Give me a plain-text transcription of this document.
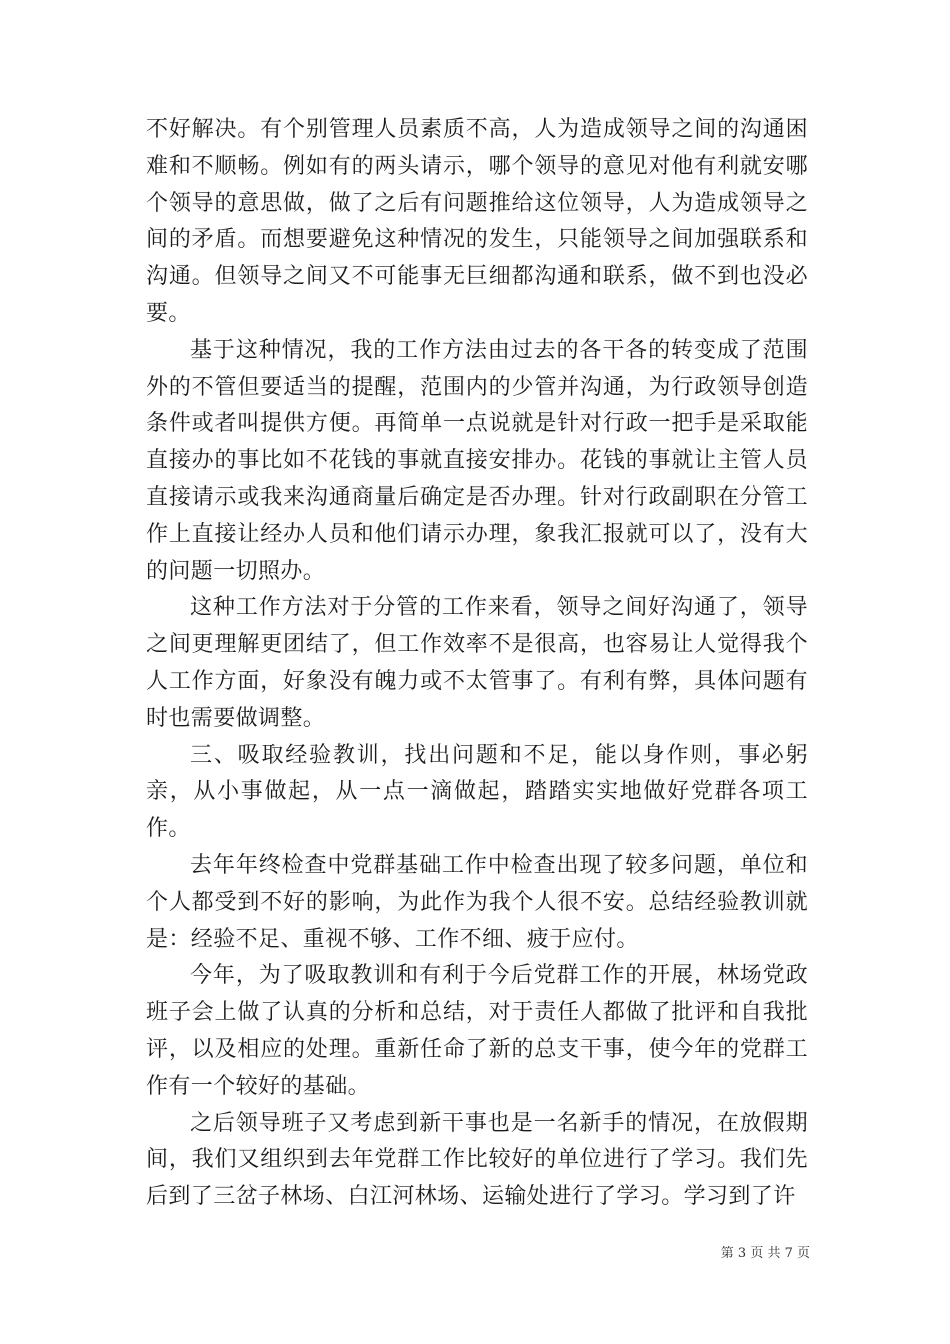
不好解决。有个别管理人员素质不高，人为造成领导之间的沟通困难和不顺畅。例如有的两头请示，哪个领导的意见对他有利就安哪个领导的意思做，做了之后有问题推给这位领导，人为造成领导之间的矛盾。而想要避免这种情况的发生，只能领导之间加强联系和沟通。但领导之间又不可能事无巨细都沟通和联系，做不到也没必要。

基于这种情况，我的工作方法由过去的各干各的转变成了范围外的不管但要适当的提醒，范围内的少管并沟通，为行政领导创造条件或者叫提供方便。再简单一点说就是针对行政一把手是采取能直接办的事比如不花钱的事就直接安排办。花钱的事就让主管人员直接请示或我来沟通商量后确定是否办理。针对行政副职在分管工作上直接让经办人员和他们请示办理，象我汇报就可以了，没有大的问题一切照办。

这种工作方法对于分管的工作来看，领导之间好沟通了，领导之间更理解更团结了，但工作效率不是很高，也容易让人觉得我个人工作方面，好象没有魄力或不太管事了。有利有弊，具体问题有时也需要做调整。

三、吸取经验教训，找出问题和不足，能以身作则，事必躬亲，从小事做起，从一点一滴做起，踏踏实实地做好党群各项工作。

去年年终检查中党群基础工作中检查出现了较多问题，单位和个人都受到不好的影响，为此作为我个人很不安。总结经验教训就是：经验不足、重视不够、工作不细、疲于应付。

今年，为了吸取教训和有利于今后党群工作的开展，林场党政班子会上做了认真的分析和总结，对于责任人都做了批评和自我批评，以及相应的处理。重新任命了新的总支干事，使今年的党群工作有一个较好的基础。

之后领导班子又考虑到新干事也是一名新手的情况，在放假期间，我们又组织到去年党群工作比较好的单位进行了学习。我们先后到了三岔子林场、白江河林场、运输处进行了学习。学习到了许

第 3 页 共 7 页
